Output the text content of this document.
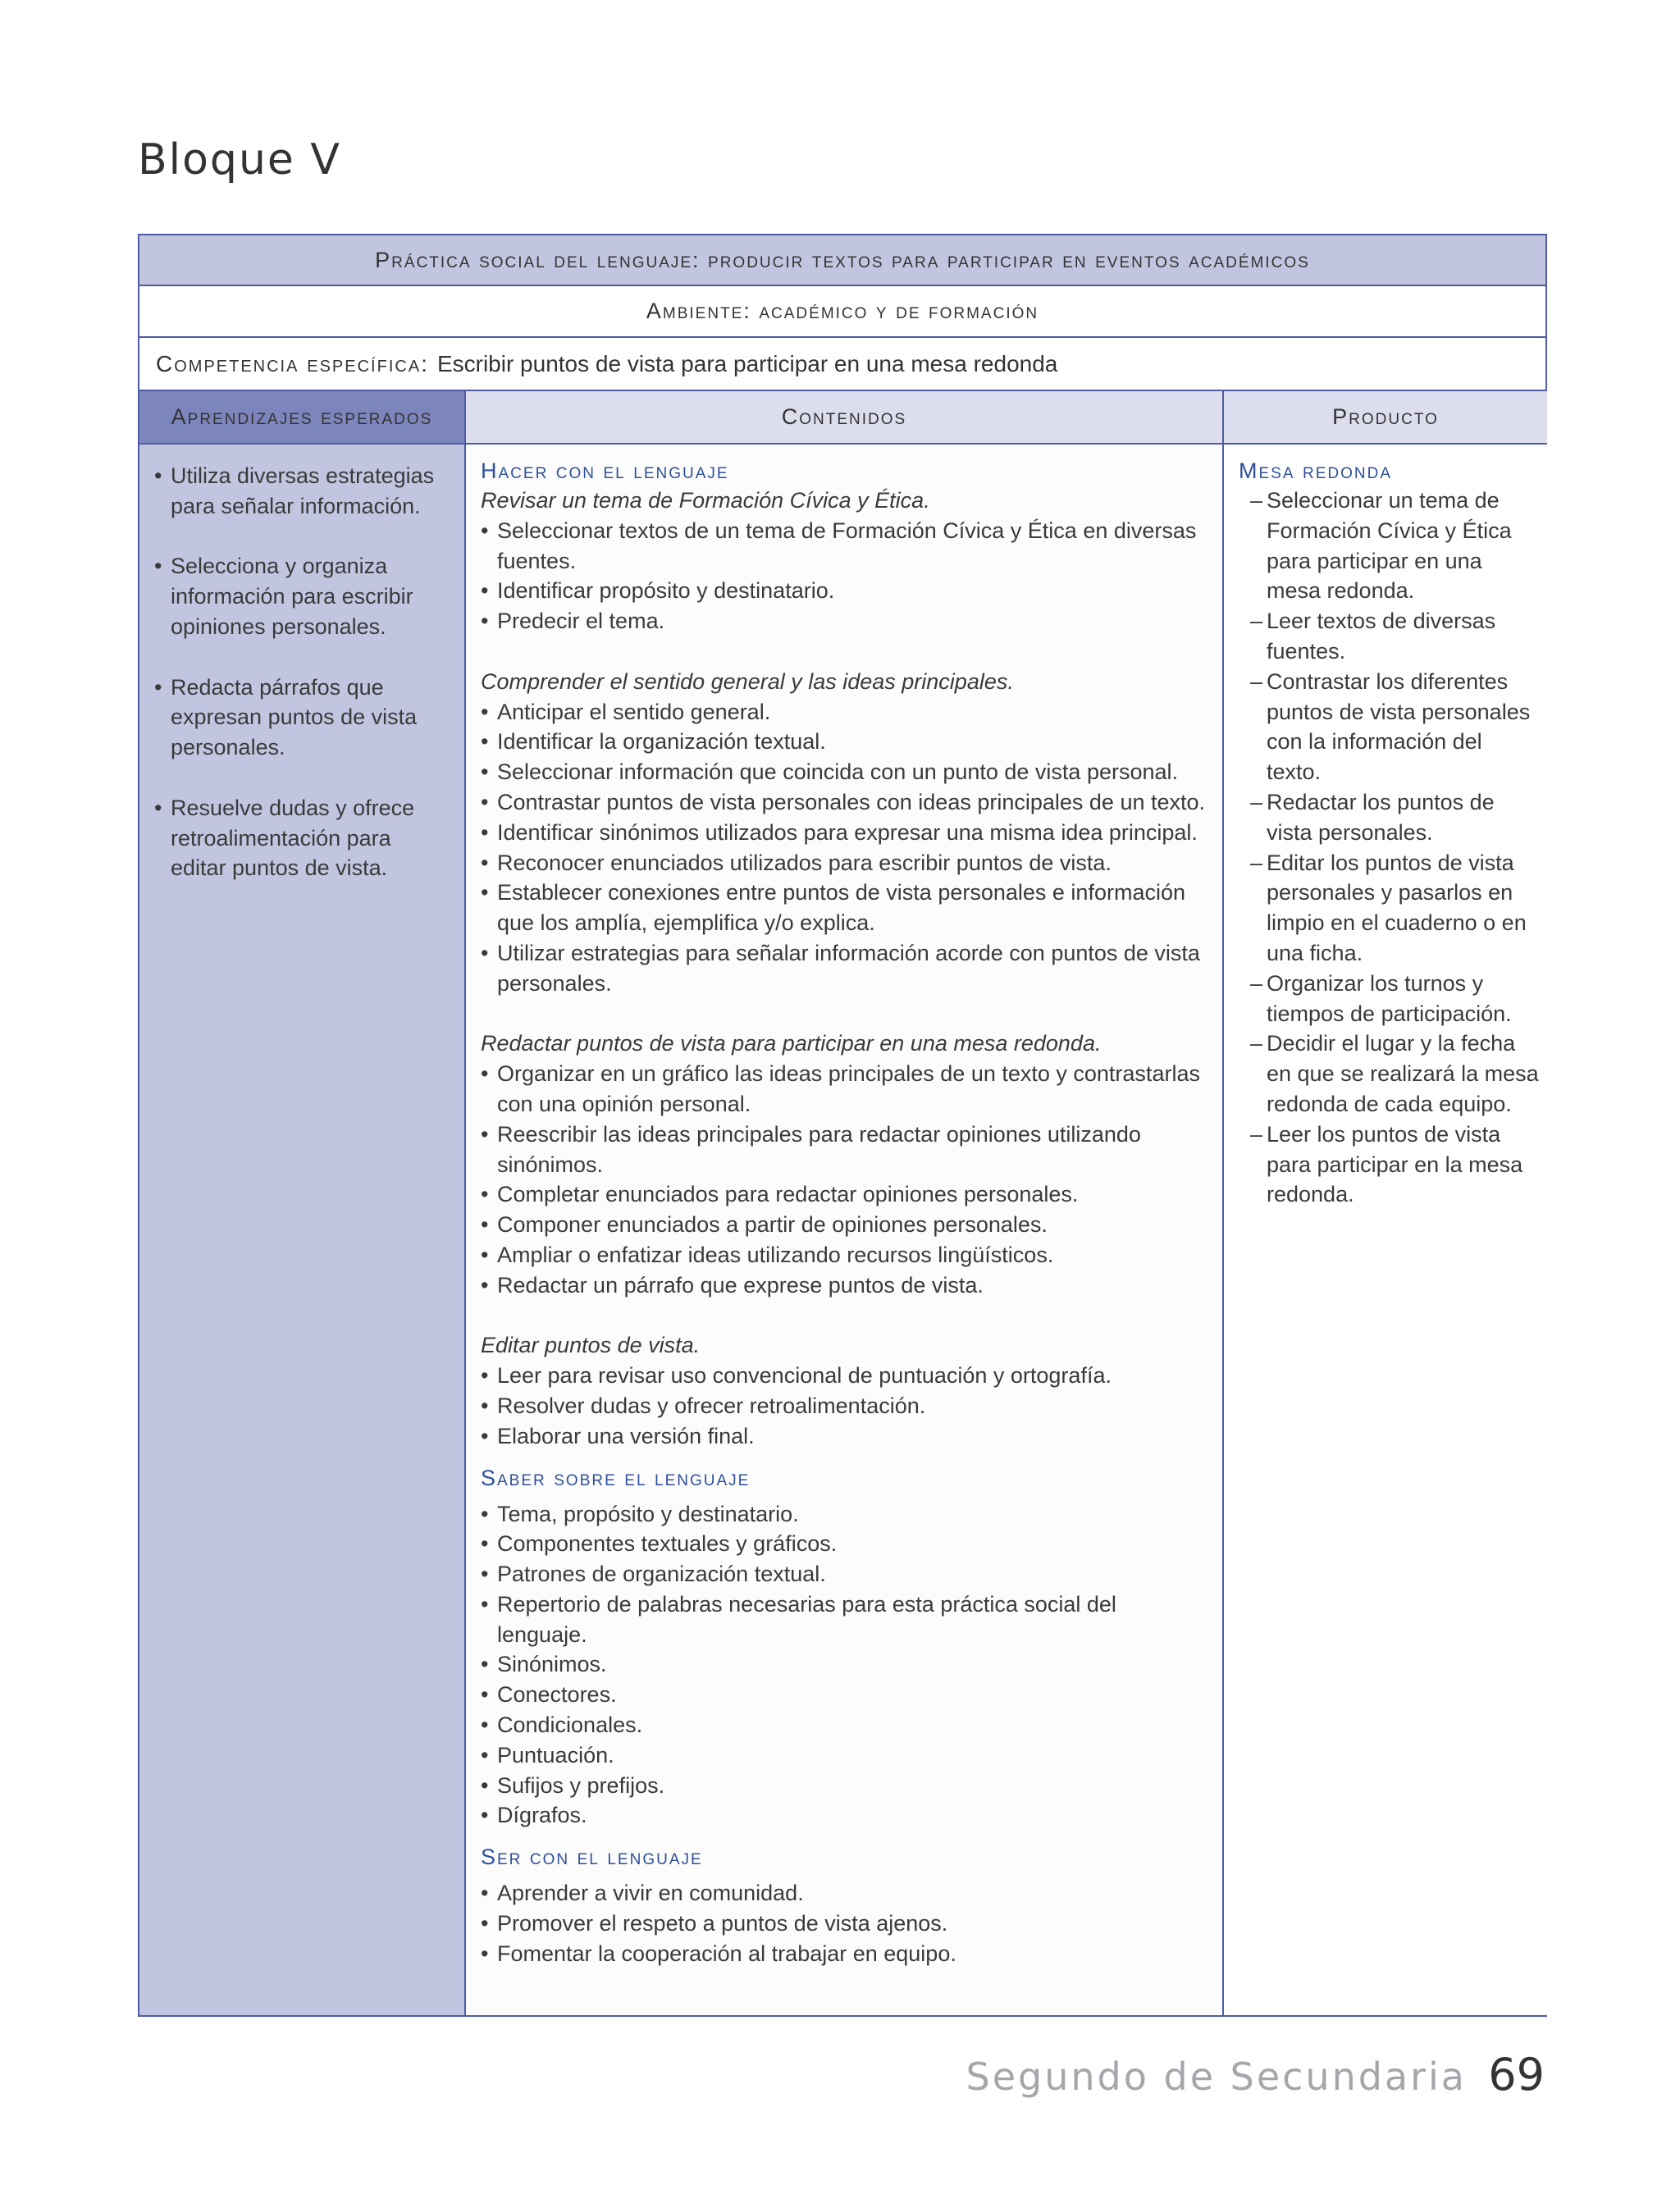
Bloque V
Práctica social del lenguaje: producir textos para participar en eventos académicos
Ambiente: académico y de formación
Competencia específica: Escribir puntos de vista para participar en una mesa redonda
Aprendizajes esperados	Contenidos	Producto
• Utiliza diversas estrategias para señalar información.
• Selecciona y organiza información para escribir opiniones personales.
• Redacta párrafos que expresan puntos de vista personales.
• Resuelve dudas y ofrece retroalimentación para editar puntos de vista.
Hacer con el lenguaje
Revisar un tema de Formación Cívica y Ética.
• Seleccionar textos de un tema de Formación Cívica y Ética en diversas fuentes.
• Identificar propósito y destinatario.
• Predecir el tema.
Comprender el sentido general y las ideas principales.
• Anticipar el sentido general.
• Identificar la organización textual.
• Seleccionar información que coincida con un punto de vista personal.
• Contrastar puntos de vista personales con ideas principales de un texto.
• Identificar sinónimos utilizados para expresar una misma idea principal.
• Reconocer enunciados utilizados para escribir puntos de vista.
• Establecer conexiones entre puntos de vista personales e información que los amplía, ejemplifica y/o explica.
• Utilizar estrategias para señalar información acorde con puntos de vista personales.
Redactar puntos de vista para participar en una mesa redonda.
• Organizar en un gráfico las ideas principales de un texto y contrastarlas con una opinión personal.
• Reescribir las ideas principales para redactar opiniones utilizando sinónimos.
• Completar enunciados para redactar opiniones personales.
• Componer enunciados a partir de opiniones personales.
• Ampliar o enfatizar ideas utilizando recursos lingüísticos.
• Redactar un párrafo que exprese puntos de vista.
Editar puntos de vista.
• Leer para revisar uso convencional de puntuación y ortografía.
• Resolver dudas y ofrecer retroalimentación.
• Elaborar una versión final.
Saber sobre el lenguaje
• Tema, propósito y destinatario.
• Componentes textuales y gráficos.
• Patrones de organización textual.
• Repertorio de palabras necesarias para esta práctica social del lenguaje.
• Sinónimos.
• Conectores.
• Condicionales.
• Puntuación.
• Sufijos y prefijos.
• Dígrafos.
Ser con el lenguaje
• Aprender a vivir en comunidad.
• Promover el respeto a puntos de vista ajenos.
• Fomentar la cooperación al trabajar en equipo.
Mesa redonda
– Seleccionar un tema de Formación Cívica y Ética para participar en una mesa redonda.
– Leer textos de diversas fuentes.
– Contrastar los diferentes puntos de vista personales con la información del texto.
– Redactar los puntos de vista personales.
– Editar los puntos de vista personales y pasarlos en limpio en el cuaderno o en una ficha.
– Organizar los turnos y tiempos de participación.
– Decidir el lugar y la fecha en que se realizará la mesa redonda de cada equipo.
– Leer los puntos de vista para participar en la mesa redonda.
Segundo de Secundaria 69
